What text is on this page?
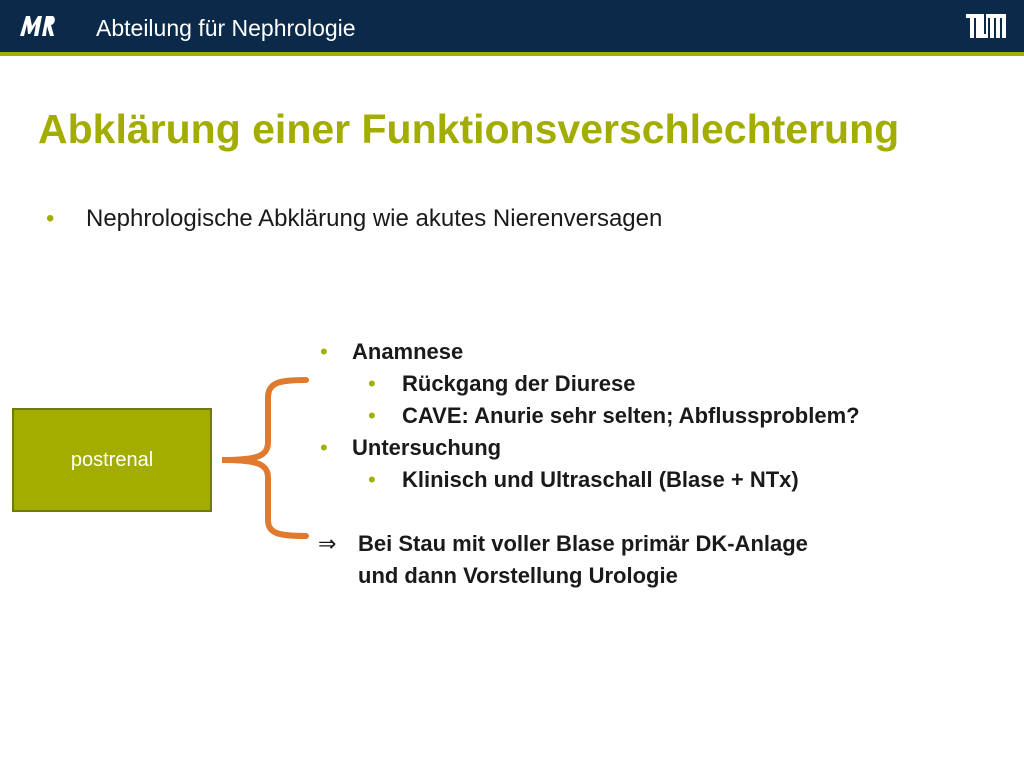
Abteilung für Nephrologie
Abklärung einer Funktionsverschlechterung
• Nephrologische Abklärung wie akutes Nierenversagen
postrenal
• Anamnese
• Rückgang der Diurese
• CAVE: Anurie sehr selten; Abflussproblem?
• Untersuchung
• Klinisch und Ultraschall (Blase + NTx)
⇒ Bei Stau mit voller Blase primär DK-Anlage
und dann Vorstellung Urologie
